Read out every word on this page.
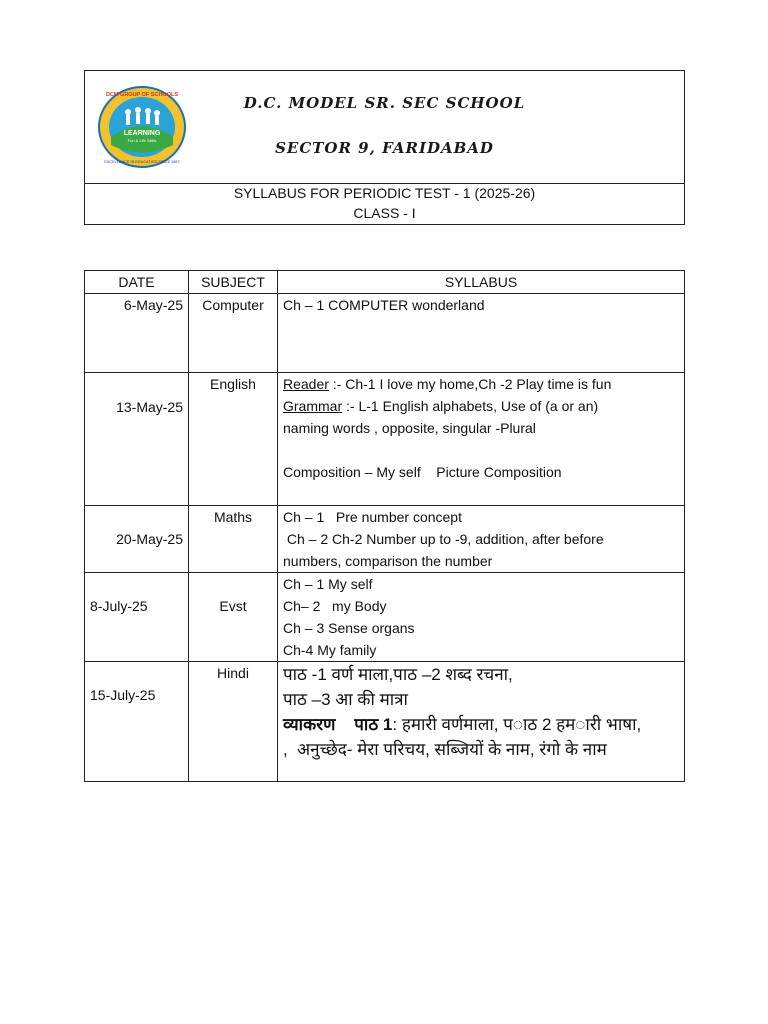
LEARNING
Fun & Life Skills
DCM GROUP OF SCHOOLS
EXCELLENCE IN EDUCATION SINCE 1987
D.C. MODEL SR. SEC SCHOOL
SECTOR 9, FARIDABAD
SYLLABUS FOR PERIODIC TEST - 1 (2025-26)
CLASS - I
DATE	SUBJECT	SYLLABUS

6-May-25	Computer	Ch – 1 COMPUTER wonderland

13-May-25	English	Reader :- Ch-1 I love my home,Ch -2 Play time is fun
Grammar :- L-1 English alphabets, Use of (a or an)
naming words , opposite, singular -Plural
Composition – My self    Picture Composition

20-May-25	Maths	Ch – 1   Pre number concept
Ch – 2 Ch-2 Number up to -9, addition, after before
numbers, comparison the number

8-July-25	Evst	Ch – 1 My self
Ch– 2   my Body
Ch – 3 Sense organs
Ch-4 My family

15-July-25	Hindi	पाठ -1 वर्ण माला,पाठ –2 शब्द रचना,
पाठ –3 आ की मात्रा
व्याकरण    पाठ 1: हमारी वर्णमाला, प◌ाठ 2 हम◌ारी भाषा,
,  अनुच्छेद- मेरा परिचय, सब्जियों के नाम, रंगो के नाम
